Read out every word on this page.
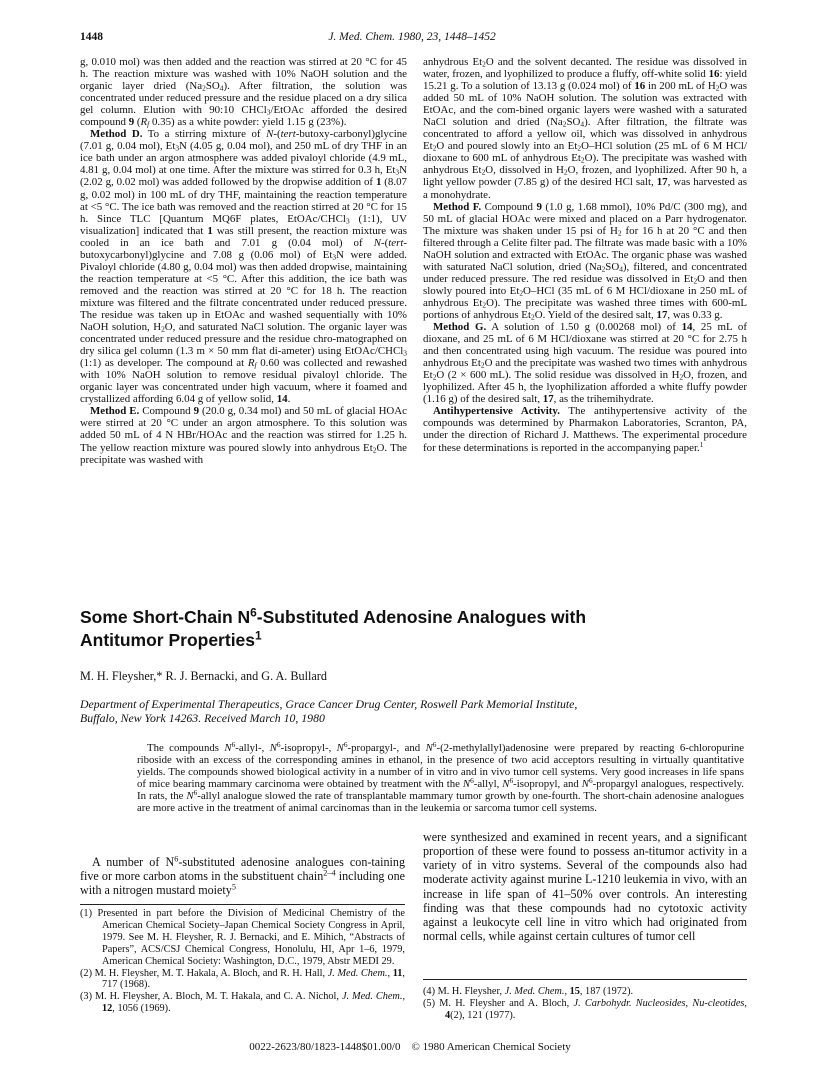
1448	J. Med. Chem. 1980, 23, 1448–1452

g, 0.010 mol) was then added and the reaction was stirred at 20 °C for 45 h. The reaction mixture was washed with 10% NaOH solution and the organic layer dried $(Na_2SO_4)$. After filtration, the solution was concentrated under reduced pressure and the residue placed on a dry silica gel column. Elution with 90:10 CHCl$_3$/EtOAc afforded the desired compound 9 ($R_f$ 0.35) as a white powder: yield 1.15 g (23%).

Method D. To a stirring mixture of N-(tert-butoxy-carbonyl)glycine (7.01 g, 0.04 mol), $Et_3N$ (4.05 g, 0.04 mol), and 250 mL of dry THF in an ice bath under an argon atmosphere was added pivaloyl chloride (4.9 mL, 4.81 g, 0.04 mol) at one time. After the mixture was stirred for 0.3 h, $Et_3N$ (2.02 g, 0.02 mol) was added followed by the dropwise addition of 1 (8.07 g, 0.02 mol) in 100 mL of dry THF, maintaining the reaction temperature at <5 °C. The ice bath was removed and the reaction stirred at 20 °C for 15 h. Since TLC [Quantum MQ6F plates, EtOAc/CHCl$_3$ (1:1), UV visualization] indicated that 1 was still present, the reaction mixture was cooled in an ice bath and 7.01 g (0.04 mol) of N-(tert-butoxycarbonyl)glycine and 7.08 g (0.06 mol) of $Et_3N$ were added. Pivaloyl chloride (4.80 g, 0.04 mol) was then added dropwise, maintaining the reaction temperature at <5 °C. After this addition, the ice bath was removed and the reaction was stirred at 20 °C for 18 h. The reaction mixture was filtered and the filtrate concentrated under reduced pressure. The residue was taken up in EtOAc and washed sequentially with 10% NaOH solution, $H_2O$, and saturated NaCl solution. The organic layer was concentrated under reduced pressure and the residue chro-matographed on dry silica gel column (1.3 m × 50 mm flat di-ameter) using EtOAc/CHCl$_3$ (1:1) as developer. The compound at $R_f$ 0.60 was collected and rewashed with 10% NaOH solution to remove residual pivaloyl chloride. The organic layer was concentrated under high vacuum, where it foamed and crystallized affording 6.04 g of yellow solid, 14.

Method E. Compound 9 (20.0 g, 0.34 mol) and 50 mL of glacial HOAc were stirred at 20 °C under an argon atmosphere. To this solution was added 50 mL of 4 N HBr/HOAc and the reaction was stirred for 1.25 h. The yellow reaction mixture was poured slowly into anhydrous $Et_2O$. The precipitate was washed with

anhydrous $Et_2O$ and the solvent decanted. The residue was dissolved in water, frozen, and lyophilized to produce a fluffy, off-white solid 16: yield 15.21 g. To a solution of 13.13 g (0.024 mol) of 16 in 200 mL of $H_2O$ was added 50 mL of 10% NaOH solution. The solution was extracted with EtOAc, and the com-bined organic layers were washed with a saturated NaCl solution and dried $(Na_2SO_4)$. After filtration, the filtrate was concentrated to afford a yellow oil, which was dissolved in anhydrous $Et_2O$ and poured slowly into an $Et_2O$–HCl solution (25 mL of 6 M HCl/ dioxane to 600 mL of anhydrous $Et_2O$). The precipitate was washed with anhydrous $Et_2O$, dissolved in $H_2O$, frozen, and lyophilized. After 90 h, a light yellow powder (7.85 g) of the desired HCl salt, 17, was harvested as a monohydrate.

Method F. Compound 9 (1.0 g, 1.68 mmol), 10% Pd/C (300 mg), and 50 mL of glacial HOAc were mixed and placed on a Parr hydrogenator. The mixture was shaken under 15 psi of $H_2$ for 16 h at 20 °C and then filtered through a Celite filter pad. The filtrate was made basic with a 10% NaOH solution and extracted with EtOAc. The organic phase was washed with saturated NaCl solution, dried $(Na_2SO_4)$, filtered, and concentrated under reduced pressure. The red residue was dissolved in $Et_2O$ and then slowly poured into $Et_2O$–HCl (35 mL of 6 M HCl/dioxane in 250 mL of anhydrous $Et_2O$). The precipitate was washed three times with 600-mL portions of anhydrous $Et_2O$. Yield of the desired salt, 17, was 0.33 g.

Method G. A solution of 1.50 g (0.00268 mol) of 14, 25 mL of dioxane, and 25 mL of 6 M HCl/dioxane was stirred at 20 °C for 2.75 h and then concentrated using high vacuum. The residue was poured into anhydrous $Et_2O$ and the precipitate was washed two times with anhydrous $Et_2O$ (2 × 600 mL). The solid residue was dissolved in $H_2O$, frozen, and lyophilized. After 45 h, the lyophilization afforded a white fluffy powder (1.16 g) of the desired salt, 17, as the trihemihydrate.

Antihypertensive Activity. The antihypertensive activity of the compounds was determined by Pharmakon Laboratories, Scranton, PA, under the direction of Richard J. Matthews. The experimental procedure for these determinations is reported in the accompanying paper.$^1$

Some Short-Chain $N^6$-Substituted Adenosine Analogues with Antitumor Properties$^1$
M. H. Fleysher,* R. J. Bernacki, and G. A. Bullard
Department of Experimental Therapeutics, Grace Cancer Drug Center, Roswell Park Memorial Institute,
Buffalo, New York 14263. Received March 10, 1980

The compounds $N^6-allyl-$, $N^6-isopropyl-$, $N^6-propargyl-$, and $N^6-(2-methylallyl)adenosine$ were prepared by reacting 6-chloropurine riboside with an excess of the corresponding amines in ethanol, in the presence of two acid acceptors resulting in virtually quantitative yields. The compounds showed biological activity in a number of in vitro and in vivo tumor cell systems. Very good increases in life spans of mice bearing mammary carcinoma were obtained by treatment with the $N^6$-allyl, $N^6$-isopropyl, and $N^6$-propargyl analogues, respectively. In rats, the $N^6$-allyl analogue slowed the rate of transplantable mammary tumor growth by one-fourth. The short-chain adenosine analogues are more active in the treatment of animal carcinomas than in the leukemia or sarcoma tumor cell systems.

A number of $N^6$-substituted adenosine analogues con-taining five or more carbon atoms in the substituent chain$^{2-4}$ including one with a nitrogen mustard moiety$^5$

were synthesized and examined in recent years, and a significant proportion of these were found to possess an-titumor activity in a variety of in vitro systems. Several of the compounds also had moderate activity against murine L-1210 leukemia in vivo, with an increase in life span of 41–50% over controls. An interesting finding was that these compounds had no cytotoxic activity against a leukocyte cell line in vitro which had originated from normal cells, while against certain cultures of tumor cell

(1) Presented in part before the Division of Medicinal Chemistry of the American Chemical Society–Japan Chemical Society Congress in April, 1979. See M. H. Fleysher, R. J. Bernacki, and E. Mihich, “Abstracts of Papers”, ACS/CSJ Chemical Congress, Honolulu, HI, Apr 1–6, 1979, American Chemical Society: Washington, D.C., 1979, Abstr MEDI 29.
(2) M. H. Fleysher, M. T. Hakala, A. Bloch, and R. H. Hall, J. Med. Chem., 11, 717 (1968).
(3) M. H. Fleysher, A. Bloch, M. T. Hakala, and C. A. Nichol, J. Med. Chem., 12, 1056 (1969).
(4) M. H. Fleysher, J. Med. Chem., 15, 187 (1972).
(5) M. H. Fleysher and A. Bloch, J. Carbohydr. Nucleosides, Nu-cleotides, 4(2), 121 (1977).
0022-2623/80/1823-1448$01.00/0 © 1980 American Chemical Society
